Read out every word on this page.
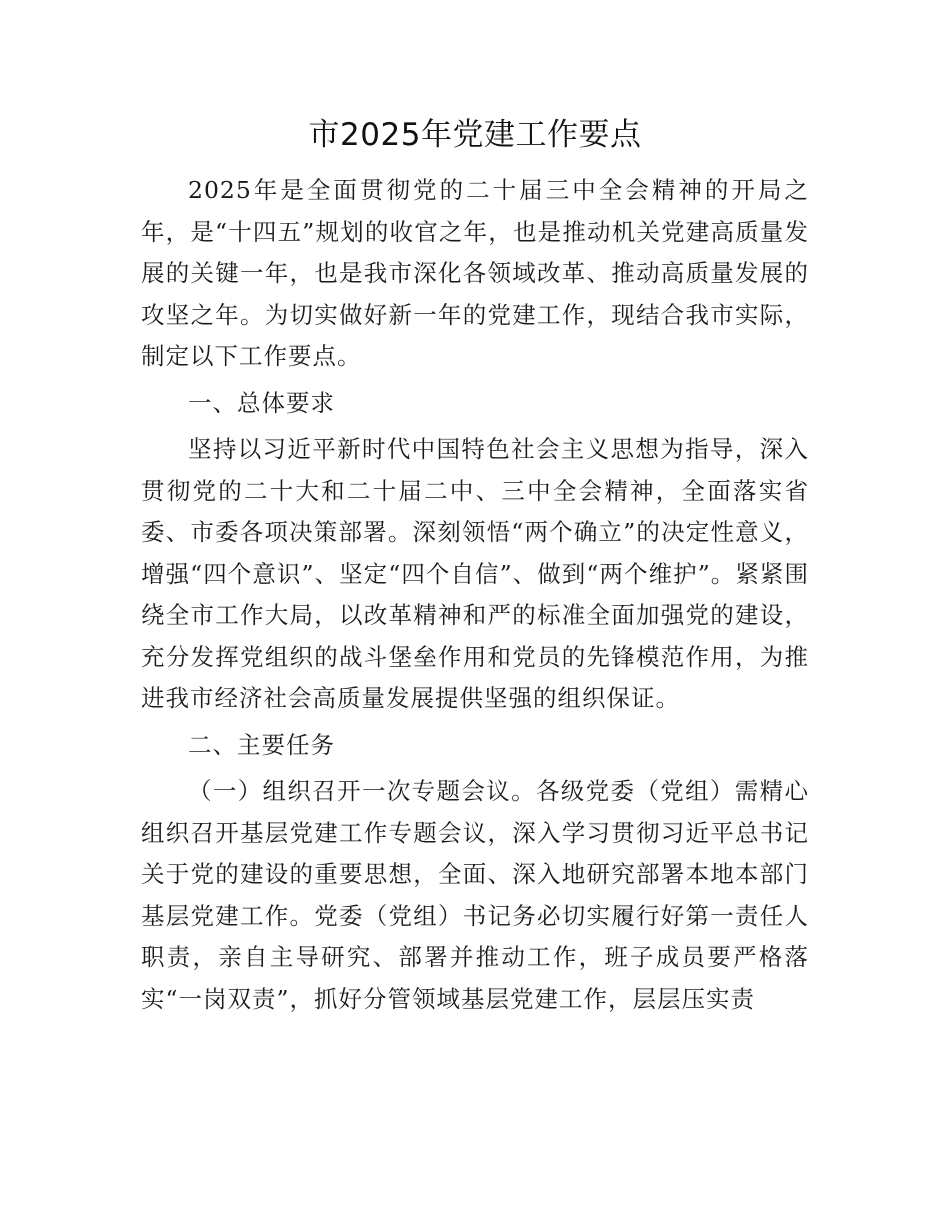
市2025年党建工作要点

2025年是全面贯彻党的二十届三中全会精神的开局之年，是“十四五”规划的收官之年，也是推动机关党建高质量发展的关键一年，也是我市深化各领域改革、推动高质量发展的攻坚之年。为切实做好新一年的党建工作，现结合我市实际，制定以下工作要点。

一、总体要求

坚持以习近平新时代中国特色社会主义思想为指导，深入贯彻党的二十大和二十届二中、三中全会精神，全面落实省委、市委各项决策部署。深刻领悟“两个确立”的决定性意义，增强“四个意识”、坚定“四个自信”、做到“两个维护”。紧紧围绕全市工作大局，以改革精神和严的标准全面加强党的建设，充分发挥党组织的战斗堡垒作用和党员的先锋模范作用，为推进我市经济社会高质量发展提供坚强的组织保证。

二、主要任务

（一）组织召开一次专题会议。各级党委（党组）需精心组织召开基层党建工作专题会议，深入学习贯彻习近平总书记关于党的建设的重要思想，全面、深入地研究部署本地本部门基层党建工作。党委（党组）书记务必切实履行好第一责任人职责，亲自主导研究、部署并推动工作，班子成员要严格落实“一岗双责”，抓好分管领域基层党建工作，层层压实责
